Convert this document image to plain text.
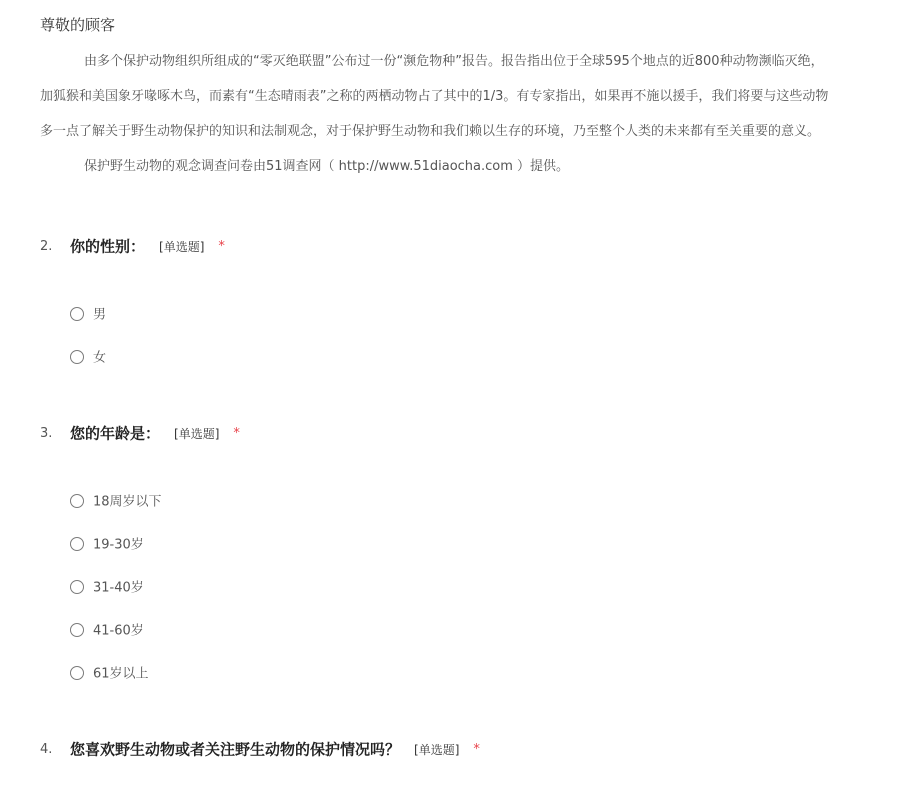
尊敬的顾客

由多个保护动物组织所组成的“零灭绝联盟”公布过一份“濒危物种”报告。报告指出位于全球595个地点的近800种动物濒临灭绝，
加狐猴和美国象牙喙啄木鸟，而素有“生态晴雨表”之称的两栖动物占了其中的1/3。有专家指出，如果再不施以援手，我们将要与这些动物
多一点了解关于野生动物保护的知识和法制观念，对于保护野生动物和我们赖以生存的环境，乃至整个人类的未来都有至关重要的意义。
保护野生动物的观念调查问卷由51调查网（ http://www.51diaocha.com ）提供。
2. 你的性别： [单选题] *
男
女
3. 您的年龄是： [单选题] *
18周岁以下
19-30岁
31-40岁
41-60岁
61岁以上
4. 您喜欢野生动物或者关注野生动物的保护情况吗？ [单选题] *
